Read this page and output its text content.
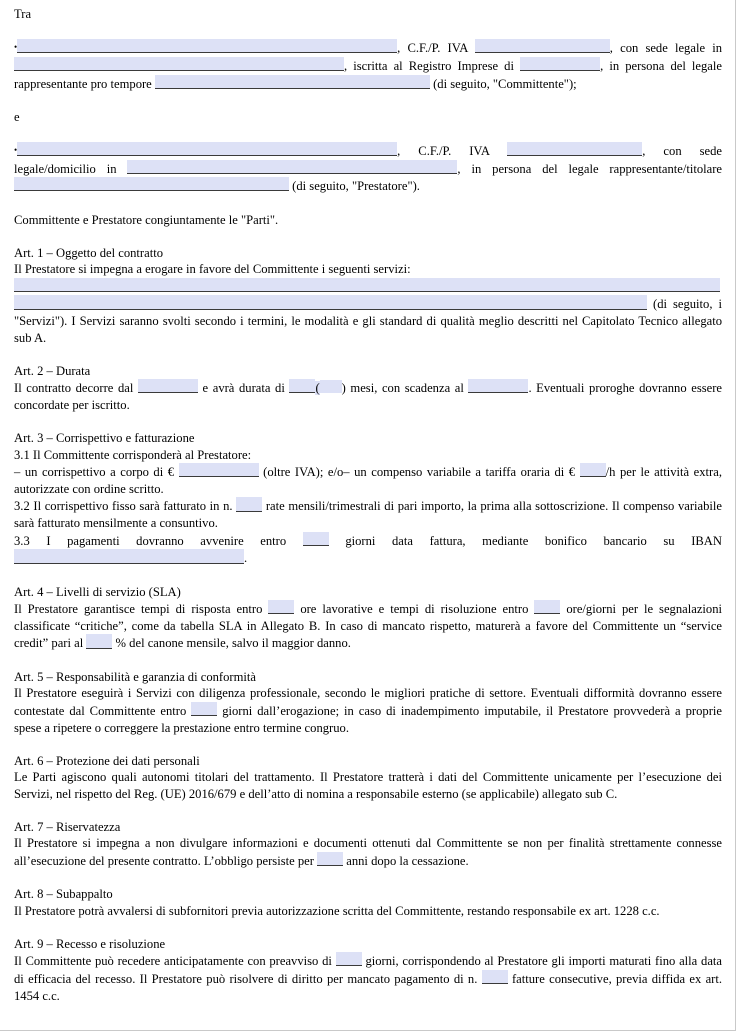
Tra

•	, C.F./P. IVA	, con sede legale in , iscritta al Registro Imprese di	, in persona del legale rappresentante pro tempore	(di seguito, "Committente");

e

•	, C.F./P. IVA	, con sede legale/domicilio in	, in persona del legale rappresentante/titolare  (di seguito, "Prestatore").

Committente e Prestatore congiuntamente le "Parti".

Art. 1 – Oggetto del contratto

Il Prestatore si impegna a erogare in favore del Committente i seguenti servizi:

(di seguito, i "Servizi"). I Servizi saranno svolti secondo i termini, le modalità e gli standard di qualità meglio descritti nel Capitolato Tecnico allegato sub A.

Art. 2 – Durata

Il contratto decorre dal	e avrà durata di ( ) mesi, con scadenza al	. Eventuali proroghe dovranno essere concordate per iscritto.

Art. 3 – Corrispettivo e fatturazione

3.1 Il Committente corrisponderà al Prestatore:

– un corrispettivo a corpo di €	(oltre IVA); e/o– un compenso variabile a tariffa oraria di € /h per le attività extra, autorizzate con ordine scritto.

3.2 Il corrispettivo fisso sarà fatturato in n.	rate mensili/trimestrali di pari importo, la prima alla sottoscrizione. Il compenso variabile sarà fatturato mensilmente a consuntivo.

3.3 I pagamenti dovranno avvenire entro	giorni data fattura, mediante bonifico bancario su IBAN .

Art. 4 – Livelli di servizio (SLA)

Il Prestatore garantisce tempi di risposta entro	ore lavorative e tempi di risoluzione entro	ore/giorni per le segnalazioni classificate “critiche”, come da tabella SLA in Allegato B. In caso di mancato rispetto, maturerà a favore del Committente un “service credit” pari al	% del canone mensile, salvo il maggior danno.

Art. 5 – Responsabilità e garanzia di conformità

Il Prestatore eseguirà i Servizi con diligenza professionale, secondo le migliori pratiche di settore. Eventuali difformità dovranno essere contestate dal Committente entro	giorni dall’erogazione; in caso di inadempimento imputabile, il Prestatore provvederà a proprie spese a ripetere o correggere la prestazione entro termine congruo.

Art. 6 – Protezione dei dati personali

Le Parti agiscono quali autonomi titolari del trattamento. Il Prestatore tratterà i dati del Committente unicamente per l’esecuzione dei Servizi, nel rispetto del Reg. (UE) 2016/679 e dell’atto di nomina a responsabile esterno (se applicabile) allegato sub C.

Art. 7 – Riservatezza

Il Prestatore si impegna a non divulgare informazioni e documenti ottenuti dal Committente se non per finalità strettamente connesse all’esecuzione del presente contratto. L’obbligo persiste per	anni dopo la cessazione.

Art. 8 – Subappalto

Il Prestatore potrà avvalersi di subfornitori previa autorizzazione scritta del Committente, restando responsabile ex art. 1228 c.c.

Art. 9 – Recesso e risoluzione

Il Committente può recedere anticipatamente con preavviso di	giorni, corrispondendo al Prestatore gli importi maturati fino alla data di efficacia del recesso. Il Prestatore può risolvere di diritto per mancato pagamento di n.	fatture consecutive, previa diffida ex art. 1454 c.c.
